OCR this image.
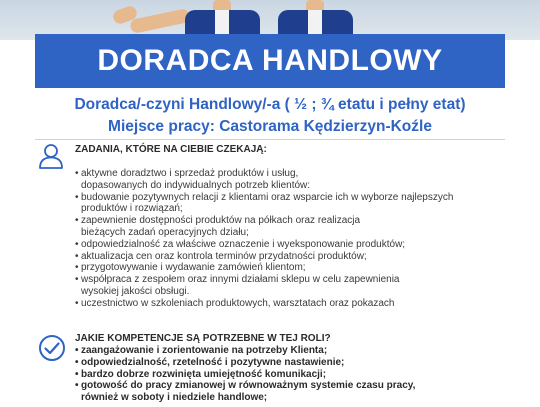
DORADCA HANDLOWY
Doradca/-czyni Handlowy/-a ( ½ ; ¾ etatu i pełny etat)
Miejsce pracy: Castorama Kędzierzyn-Koźle
ZADANIA, KTÓRE NA CIEBIE CZEKAJĄ:
• aktywne doradztwo i sprzedaż produktów i usług,
dopasowanych do indywidualnych potrzeb klientów:
• budowanie pozytywnych relacji z klientami oraz wsparcie ich w wyborze najlepszych
produktów i rozwiązań;
• zapewnienie dostępności produktów na półkach oraz realizacja
bieżących zadań operacyjnych działu;
• odpowiedzialność za właściwe oznaczenie i wyeksponowanie produktów;
• aktualizacja cen oraz kontrola terminów przydatności produktów;
• przygotowywanie i wydawanie zamówień klientom;
• współpraca z zespołem oraz innymi działami sklepu w celu zapewnienia
wysokiej jakości obsługi.
• uczestnictwo w szkoleniach produktowych, warsztatach oraz pokazach
JAKIE KOMPETENCJE SĄ POTRZEBNE W TEJ ROLI?
• zaangażowanie i zorientowanie na potrzeby Klienta;
• odpowiedzialność, rzetelność i pozytywne nastawienie;
• bardzo dobrze rozwinięta umiejętność komunikacji;
• gotowość do pracy zmianowej w równoważnym systemie czasu pracy,
również w soboty i niedziele handlowe;
